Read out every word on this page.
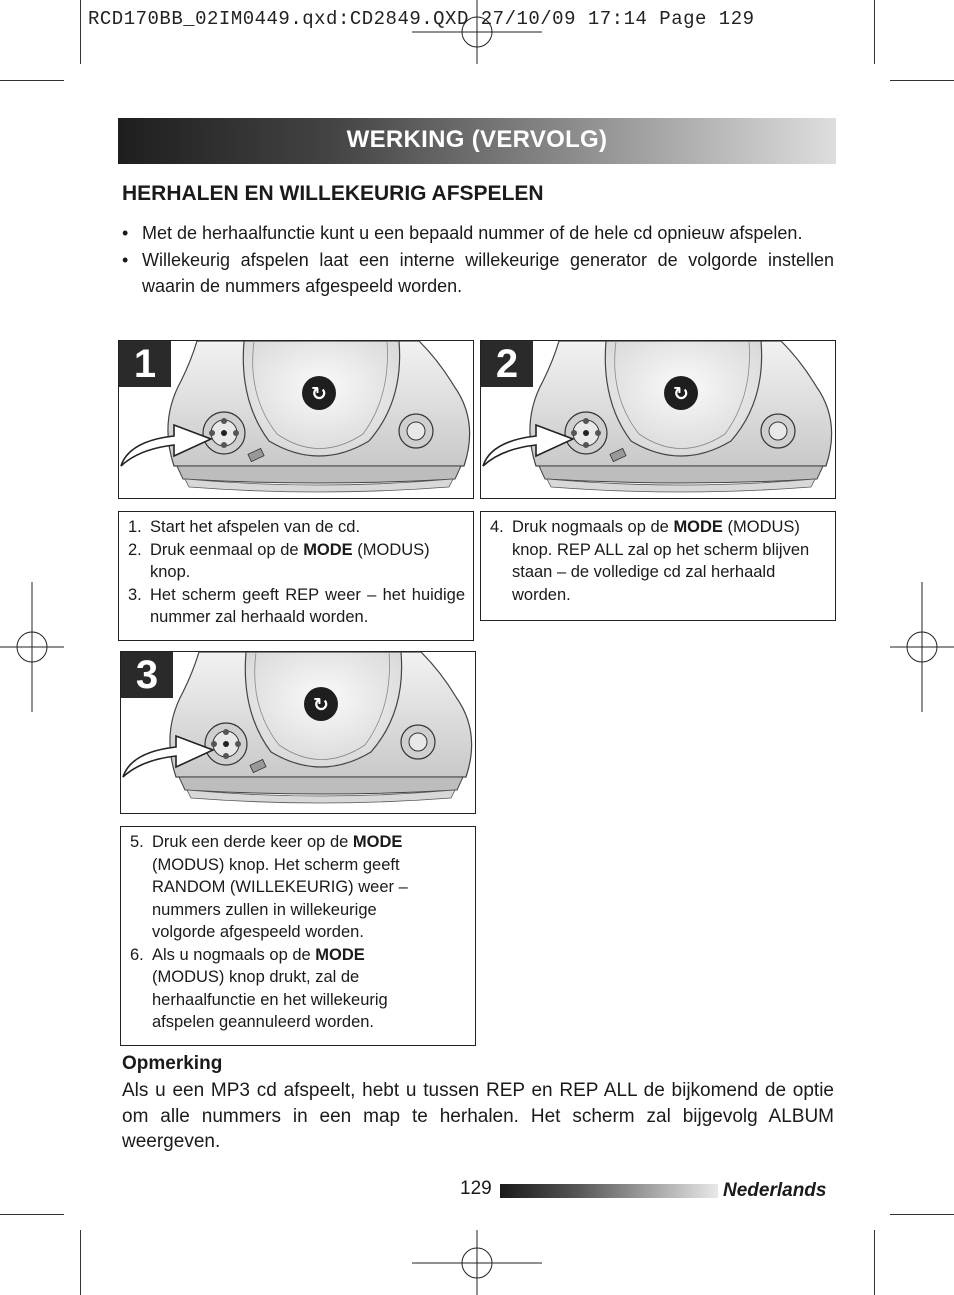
RCD170BB_02IM0449.qxd:CD2849.QXD 27/10/09 17:14 Page 129
WERKING (VERVOLG)
HERHALEN EN WILLEKEURIG AFSPELEN
• Met de herhaalfunctie kunt u een bepaald nummer of de hele cd opnieuw afspelen.
• Willekeurig afspelen laat een interne willekeurige generator de volgorde instellen waarin de nummers afgespeeld worden.
↻
1
↻
2
↻
3
1. Start het afspelen van de cd.
2. Druk eenmaal op de MODE (MODUS) knop.
3. Het scherm geeft REP weer – het huidige nummer zal herhaald worden.
4. Druk nogmaals op de MODE (MODUS) knop. REP ALL zal op het scherm blijven staan – de volledige cd zal herhaald worden.
5. Druk een derde keer op de MODE (MODUS) knop. Het scherm geeft RANDOM (WILLEKEURIG) weer – nummers zullen in willekeurige volgorde afgespeeld worden.
6. Als u nogmaals op de MODE (MODUS) knop drukt, zal de herhaalfunctie en het willekeurig afspelen geannuleerd worden.
Opmerking
Als u een MP3 cd afspeelt, hebt u tussen REP en REP ALL de bijkomend de optie om alle nummers in een map te herhalen. Het scherm zal bijgevolg ALBUM weergeven.
129	Nederlands
